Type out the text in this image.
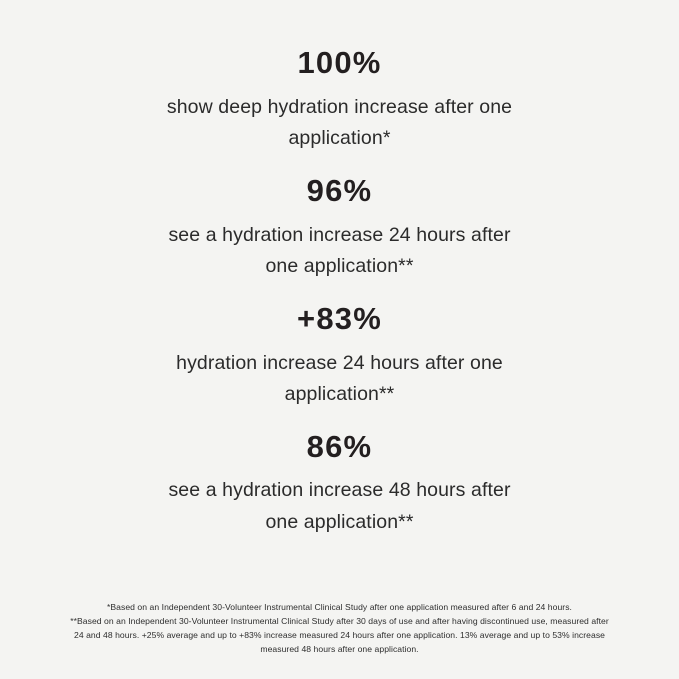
100%
show deep hydration increase after one application*
96%
see a hydration increase 24 hours after one application**
+83%
hydration increase 24 hours after one application**
86%
see a hydration increase 48 hours after one application**
*Based on an Independent 30-Volunteer Instrumental Clinical Study after one application measured after 6 and 24 hours.
**Based on an Independent 30-Volunteer Instrumental Clinical Study after 30 days of use and after having discontinued use, measured after 24 and 48 hours. +25% average and up to +83% increase measured 24 hours after one application. 13% average and up to 53% increase measured 48 hours after one application.
